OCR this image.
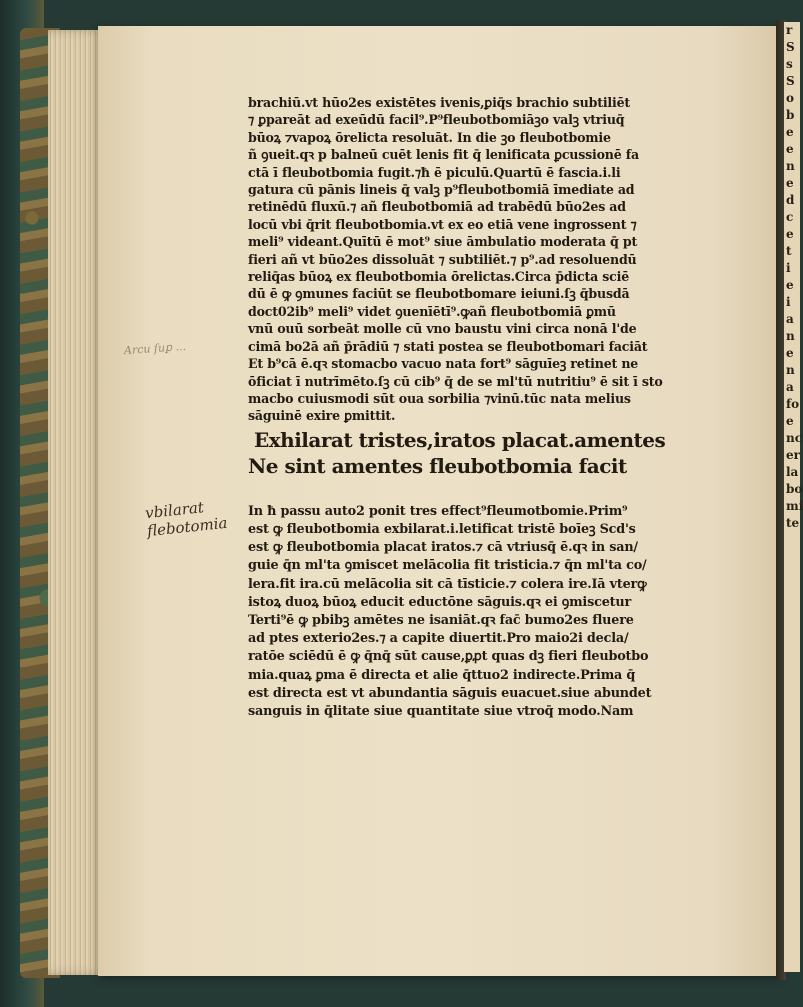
r
S
s
S
o
b
e
e
n
e
d
c
e
t
i
e
i
a
n
e
n
a
fo
e
nc
er
la
bo
mi
te
Arcu ſuꝑ ...
vbilarat
flebotomia
brachiū.vt hūo2es existētes ivenis,ꝑiq̄s brachio subtiliēt
⁊ ꝑpareāt ad exeūdū facil⁹.P⁹fleubotbomiāꝫo valꝫ vtriuq̄
būoꝝ ⁊vapoꝝ ōrelicta resoluāt. In die ꝫo fleubotbomie
ñ ꝯueit.qꝛ p balneū cuēt lenis fit q̄ lenificata ꝑcussionē fa
ctā ī fleubotbomia fugit.⁊ħ ē piculū.Quartū ē fascia.i.li
gatura cū pānis lineis q̄ valꝫ p⁹fleubotbomiā īmediate ad
retinēdū fluxū.⁊ añ fleubotbomiā ad trabēdū būo2es ad
locū vbi q̄rit fleubotbomia.vt ex eo etiā vene ingrossent ⁊
meli⁹ videant.Quītū ē mot⁹ siue āmbulatio moderata q̄ pt
fieri añ vt būo2es dissoluāt ⁊ subtiliēt.⁊ p⁹.ad resoluendū
reliq̄as būoꝝ ex fleubotbomia ōrelictas.Circa p̄dicta sciē
dū ē ꝙ ꝯmunes faciūt se fleubotbomare ieiuni.ſꝫ q̄busdā
doct02ib⁹ meli⁹ videt ꝯuenīētī⁹.ꝙañ fleubotbomiā ꝑmū
vnū ouū sorbeāt molle cū vno baustu vini circa nonā l'de
cimā bo2ā añ p̄rādiū ⁊ stati postea se fleubotbomari faciāt
Et b⁹cā ē.qꝛ stomacbo vacuo nata fort⁹ sāguīeꝫ retinet ne
ōficiat ī nutrīmēto.ſꝫ cū cib⁹ q̄ de se ml'tū nutritiu⁹ ē sit ī sto
macbo cuiusmodi sūt oua sorbilia ⁊vinū.tūc nata melius
sāguinē exire ꝑmittit.
Exhilarat tristes,iratos placat.amentes
Ne sint amentes fleubotbomia facit
In ħ passu auto2 ponit tres effect⁹fleumotbomie.Prim⁹
est ꝙ fleubotbomia exbilarat.i.letificat tristē boīeꝫ Scd's
est ꝙ fleubotbomia placat iratos.⁊ cā vtriusq̄ ē.qꝛ in san/
guie q̄n ml'ta ꝯmiscet melācolia fit tristicia.⁊ q̄n ml'ta co/
lera.fit ira.cū melācolia sit cā tīsticie.⁊ colera ire.Iā vterꝙ
istoꝝ duoꝝ būoꝝ educit eductōne sāguis.qꝛ ei ꝯmiscetur
Terti⁹ē ꝙ pbibꝫ amētes ne isaniāt.qꝛ fac̄ bumo2es fluere
ad ptes exterio2es.⁊ a capite diuertit.Pro maio2i decla/
ratōe sciēdū ē ꝙ q̄nq̄ sūt cause,ꝑꝓt quas dꝫ fieri fleubotbo
mia.quaꝝ ꝑma ē directa et alie q̄ttuo2 indirecte.Prima q̄
est directa est vt abundantia sāguis euacuet.siue abundet
sanguis in q̄litate siue quantitate siue vtroq̄ modo.Nam
